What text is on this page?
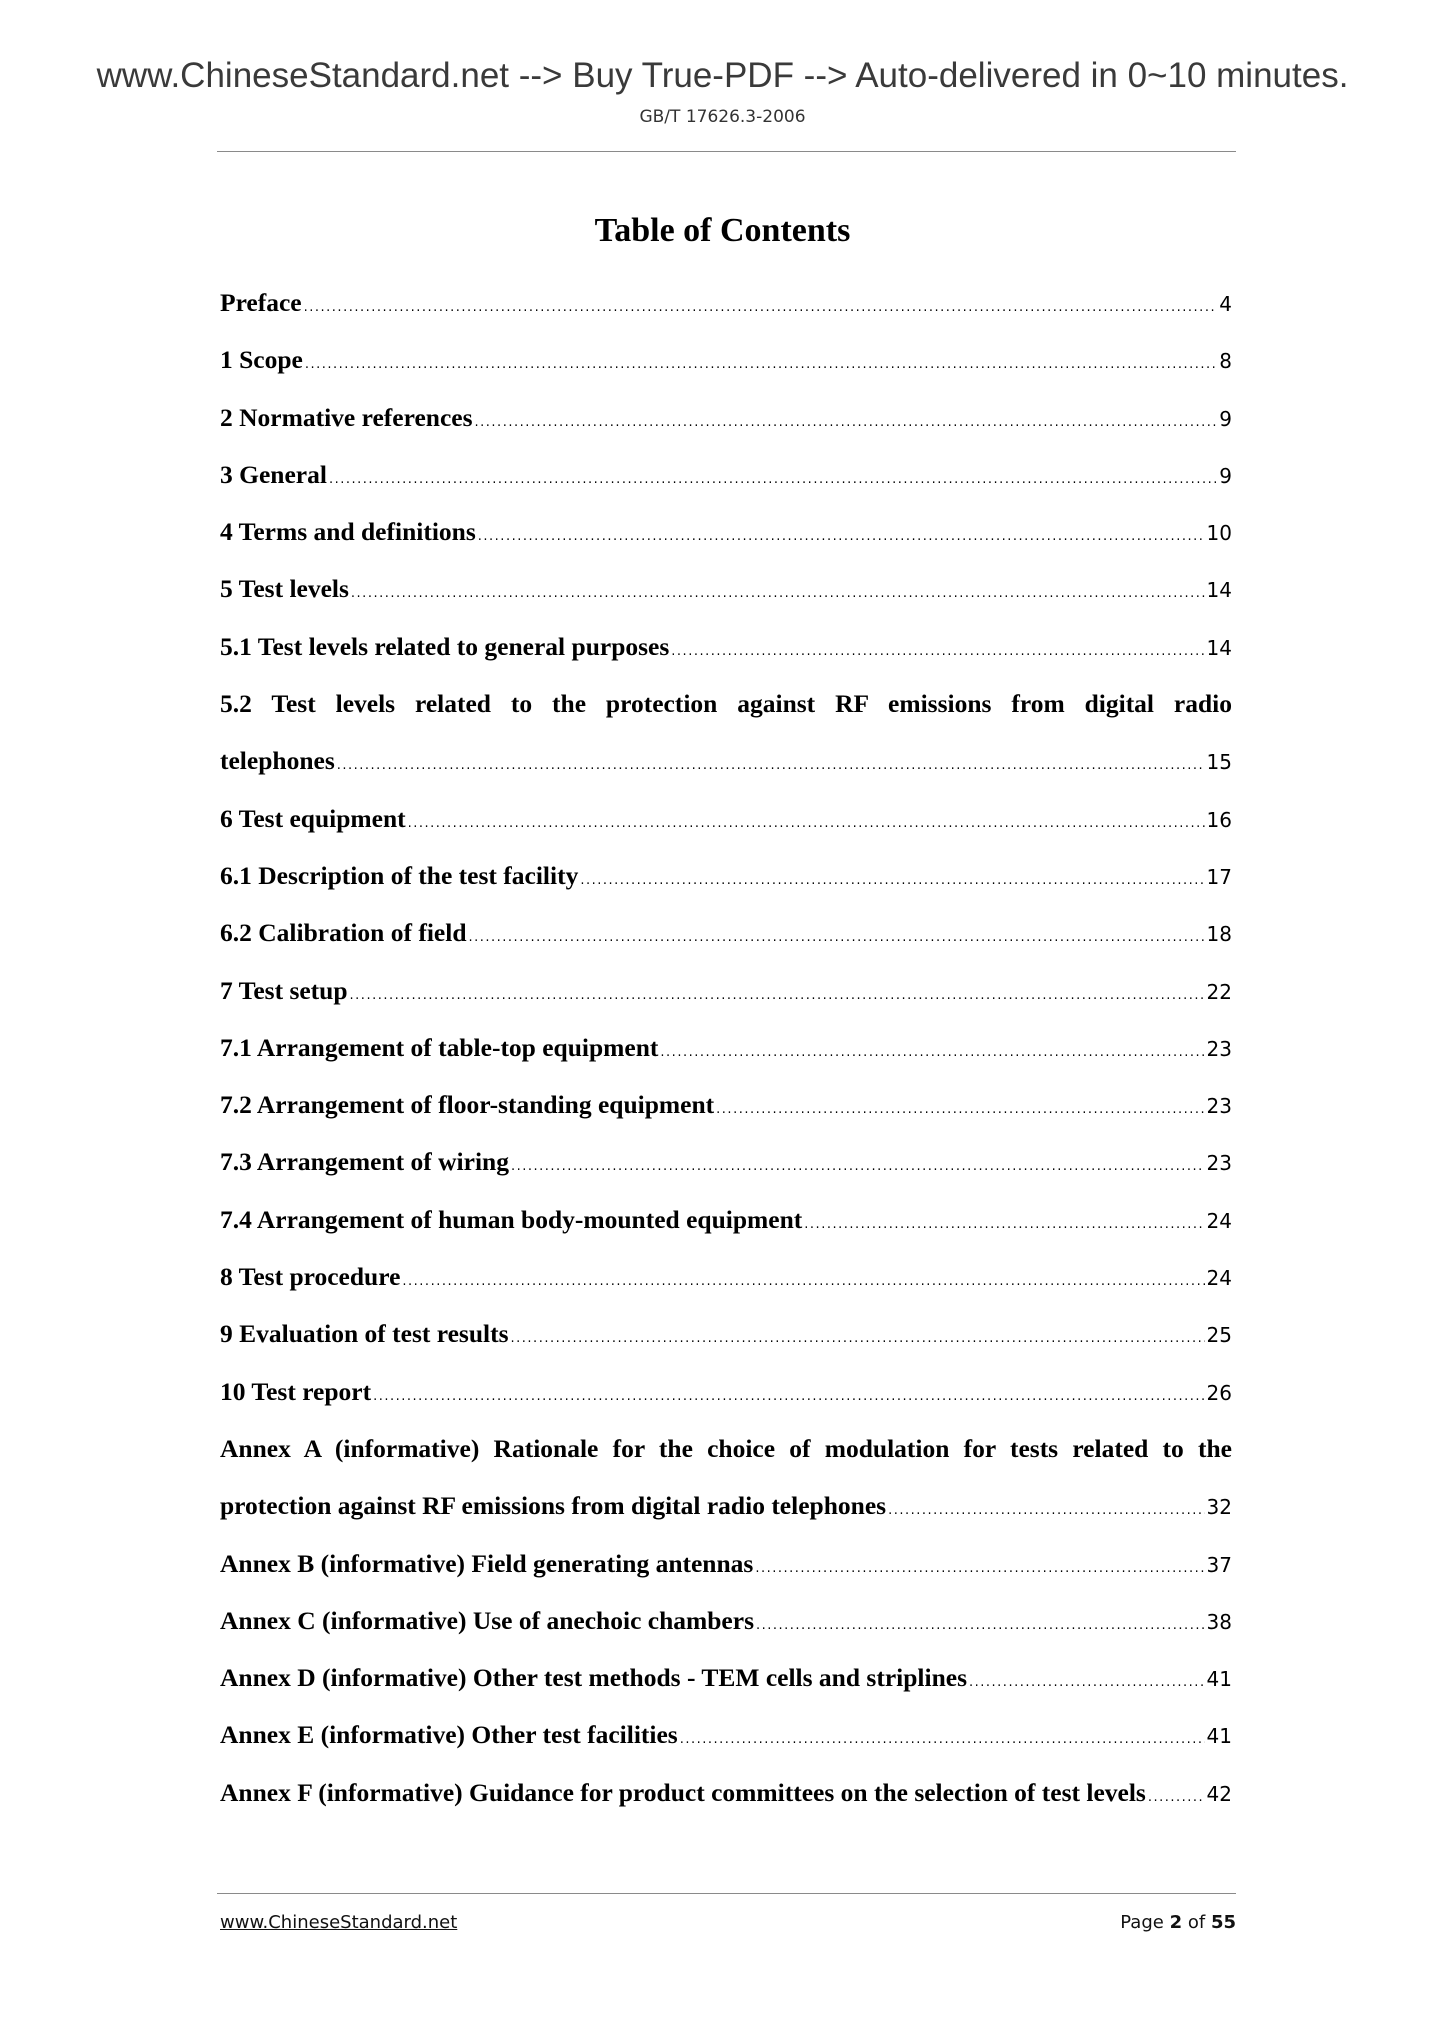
www.ChineseStandard.net --> Buy True-PDF --> Auto-delivered in 0~10 minutes.
GB/T 17626.3-2006
Table of Contents
Preface .....	4
1 Scope .....	8
2 Normative references .....	9
3 General .....	9
4 Terms and definitions .....	10
5 Test levels .....	14
5.1 Test levels related to general purposes .....	14
5.2 Test levels related to the protection against RF emissions from digital radio
telephones .....	15
6 Test equipment .....	16
6.1 Description of the test facility .....	17
6.2 Calibration of field .....	18
7 Test setup .....	22
7.1 Arrangement of table-top equipment .....	23
7.2 Arrangement of floor-standing equipment .....	23
7.3 Arrangement of wiring .....	23
7.4 Arrangement of human body-mounted equipment .....	24
8 Test procedure .....	24
9 Evaluation of test results .....	25
10 Test report .....	26
Annex A (informative) Rationale for the choice of modulation for tests related to the
protection against RF emissions from digital radio telephones .....	32
Annex B (informative) Field generating antennas .....	37
Annex C (informative) Use of anechoic chambers .....	38
Annex D (informative) Other test methods - TEM cells and striplines .....	41
Annex E (informative) Other test facilities .....	41
Annex F (informative) Guidance for product committees on the selection of test levels .....	42
www.ChineseStandard.net	Page 2 of 55
